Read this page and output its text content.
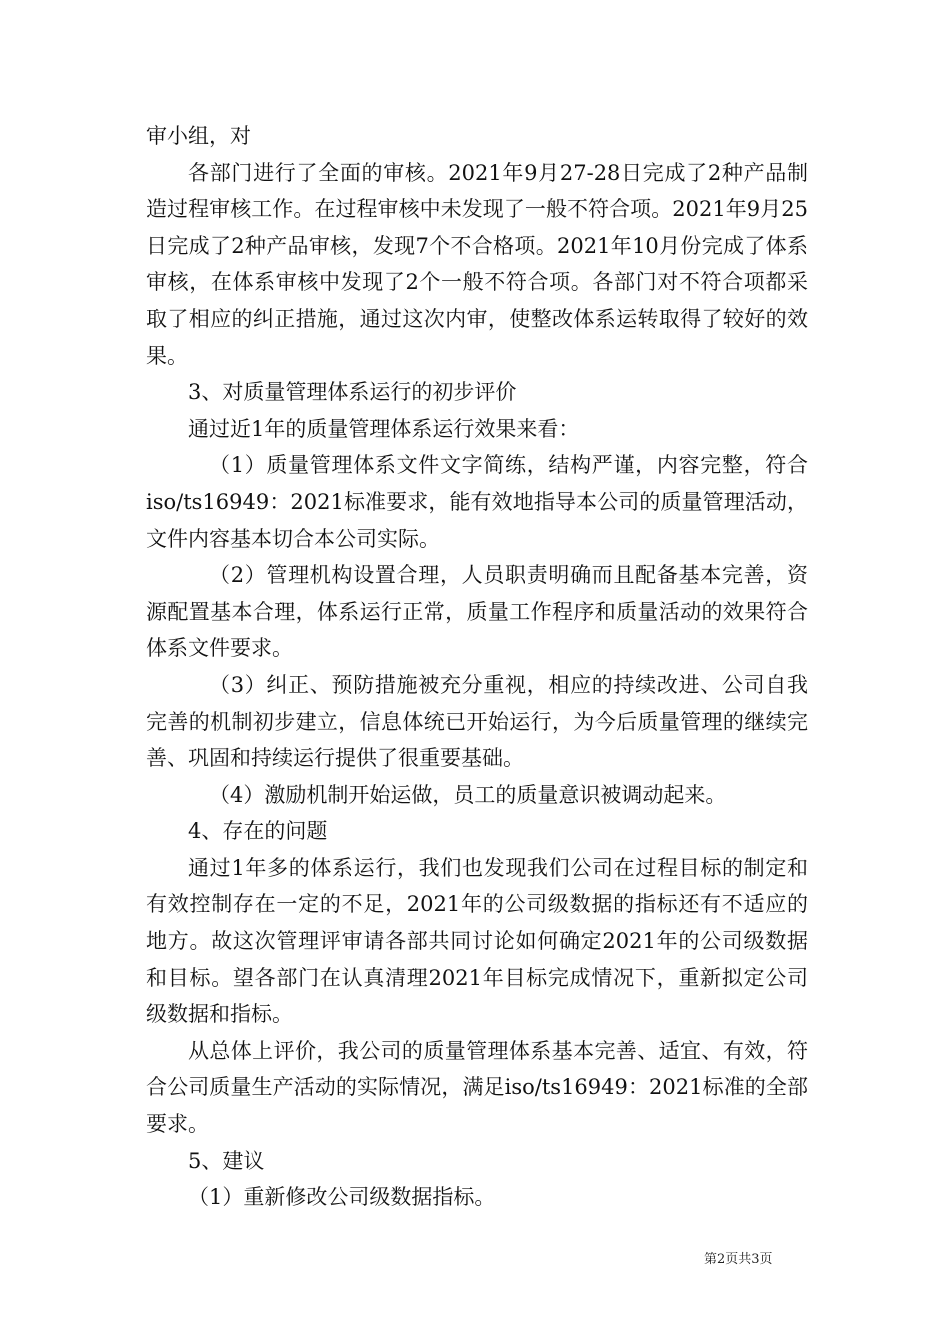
审小组，对

各部门进行了全面的审核。2021年9月27-28日完成了2种产品制造过程审核工作。在过程审核中未发现了一般不符合项。2021年9月25日完成了2种产品审核，发现7个不合格项。2021年10月份完成了体系审核，在体系审核中发现了2个一般不符合项。各部门对不符合项都采取了相应的纠正措施，通过这次内审，使整改体系运转取得了较好的效果。

3、对质量管理体系运行的初步评价

通过近1年的质量管理体系运行效果来看：

（1）质量管理体系文件文字简练，结构严谨，内容完整，符合iso/ts16949：2021标准要求，能有效地指导本公司的质量管理活动，文件内容基本切合本公司实际。

（2）管理机构设置合理，人员职责明确而且配备基本完善，资源配置基本合理，体系运行正常，质量工作程序和质量活动的效果符合体系文件要求。

（3）纠正、预防措施被充分重视，相应的持续改进、公司自我完善的机制初步建立，信息体统已开始运行，为今后质量管理的继续完善、巩固和持续运行提供了很重要基础。

（4）激励机制开始运做，员工的质量意识被调动起来。

4、存在的问题

通过1年多的体系运行，我们也发现我们公司在过程目标的制定和有效控制存在一定的不足，2021年的公司级数据的指标还有不适应的地方。故这次管理评审请各部共同讨论如何确定2021年的公司级数据和目标。望各部门在认真清理2021年目标完成情况下，重新拟定公司级数据和指标。

从总体上评价，我公司的质量管理体系基本完善、适宜、有效，符合公司质量生产活动的实际情况，满足iso/ts16949：2021标准的全部要求。

5、建议

（1）重新修改公司级数据指标。

第2页共3页
